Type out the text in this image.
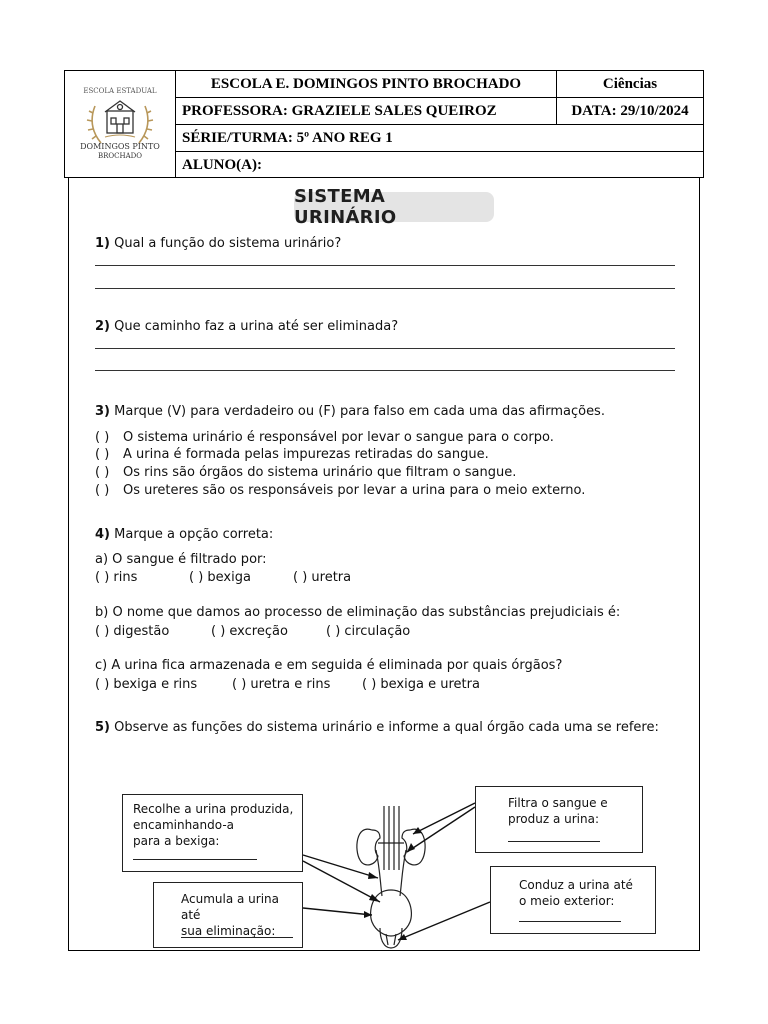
ESCOLA ESTADUAL
DOMINGOS PINTO
BROCHADO
ESCOLA E. DOMINGOS PINTO BROCHADO	Ciências
PROFESSORA: GRAZIELE SALES QUEIROZ	DATA: 29/10/2024
SÉRIE/TURMA: 5º ANO REG 1
ALUNO(A):
SISTEMA URINÁRIO
1) Qual a função do sistema urinário?
2) Que caminho faz a urina até ser eliminada?
3) Marque (V) para verdadeiro ou (F) para falso em cada uma das afirmações.
( ) O sistema urinário é responsável por levar o sangue para o corpo.
( ) A urina é formada pelas impurezas retiradas do sangue.
( ) Os rins são órgãos do sistema urinário que filtram o sangue.
( ) Os ureteres são os responsáveis por levar a urina para o meio externo.
4) Marque a opção correta:
a) O sangue é filtrado por:
( ) rins	( ) bexiga	( ) uretra
b) O nome que damos ao processo de eliminação das substâncias prejudiciais é:
( ) digestão	( ) excreção	( ) circulação
c) A urina fica armazenada e em seguida é eliminada por quais órgãos?
( ) bexiga e rins	( ) uretra e rins ( ) bexiga e uretra
5) Observe as funções do sistema urinário e informe a qual órgão cada uma se refere:
Recolhe a urina produzida,
encaminhando-a
para a bexiga:
Acumula a urina até
sua eliminação:
Filtra o sangue e
produz a urina:
Conduz a urina até
o meio exterior:
